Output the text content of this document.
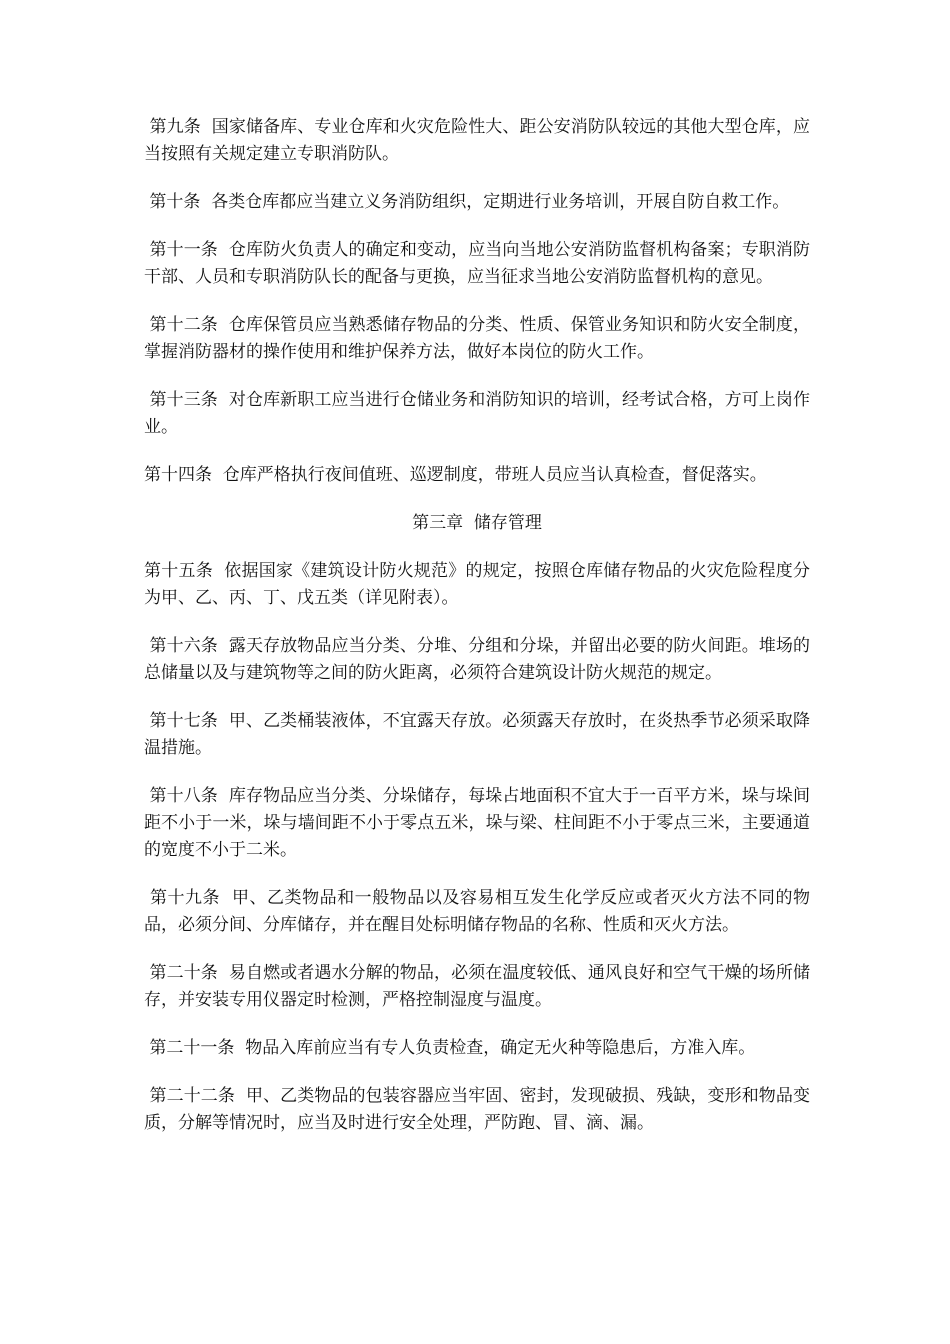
第九条  国家储备库、专业仓库和火灾危险性大、距公安消防队较远的其他大型仓库，应当按照有关规定建立专职消防队。

第十条  各类仓库都应当建立义务消防组织，定期进行业务培训，开展自防自救工作。

第十一条  仓库防火负责人的确定和变动，应当向当地公安消防监督机构备案；专职消防干部、人员和专职消防队长的配备与更换，应当征求当地公安消防监督机构的意见。

第十二条  仓库保管员应当熟悉储存物品的分类、性质、保管业务知识和防火安全制度，掌握消防器材的操作使用和维护保养方法，做好本岗位的防火工作。

第十三条  对仓库新职工应当进行仓储业务和消防知识的培训，经考试合格，方可上岗作业。

第十四条  仓库严格执行夜间值班、巡逻制度，带班人员应当认真检查，督促落实。

第三章  储存管理

第十五条  依据国家《建筑设计防火规范》的规定，按照仓库储存物品的火灾危险程度分为甲、乙、丙、丁、戊五类（详见附表）。

第十六条  露天存放物品应当分类、分堆、分组和分垛，并留出必要的防火间距。堆场的总储量以及与建筑物等之间的防火距离，必须符合建筑设计防火规范的规定。

第十七条  甲、乙类桶装液体，不宜露天存放。必须露天存放时，在炎热季节必须采取降温措施。

第十八条  库存物品应当分类、分垛储存，每垛占地面积不宜大于一百平方米，垛与垛间距不小于一米，垛与墙间距不小于零点五米，垛与梁、柱间距不小于零点三米，主要通道的宽度不小于二米。

第十九条  甲、乙类物品和一般物品以及容易相互发生化学反应或者灭火方法不同的物品，必须分间、分库储存，并在醒目处标明储存物品的名称、性质和灭火方法。

第二十条  易自燃或者遇水分解的物品，必须在温度较低、通风良好和空气干燥的场所储存，并安装专用仪器定时检测，严格控制湿度与温度。

第二十一条  物品入库前应当有专人负责检查，确定无火种等隐患后，方准入库。

第二十二条  甲、乙类物品的包装容器应当牢固、密封，发现破损、残缺，变形和物品变质，分解等情况时，应当及时进行安全处理，严防跑、冒、滴、漏。
